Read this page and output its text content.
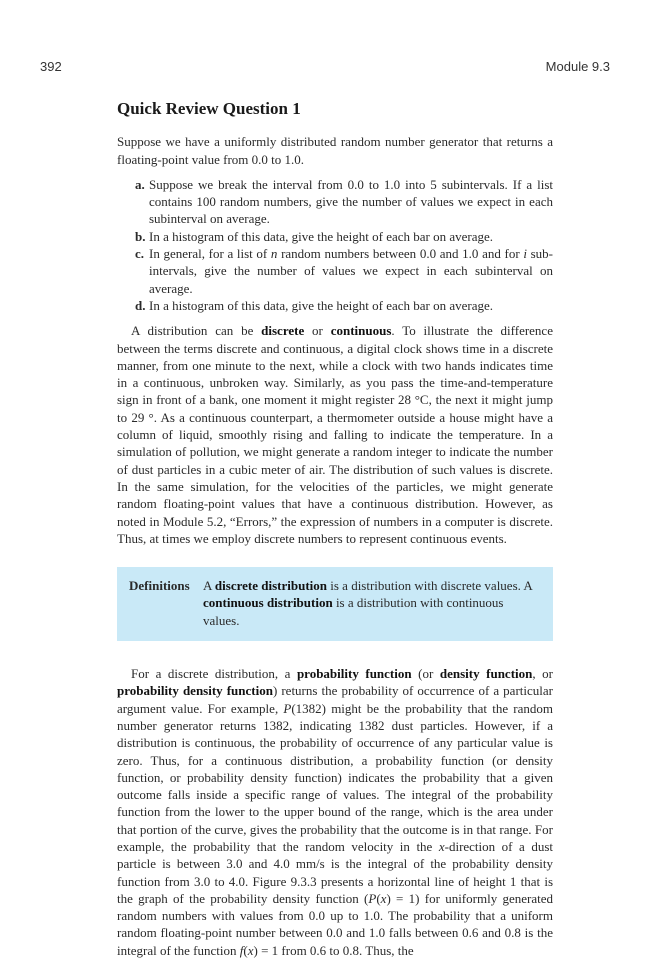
392	Module 9.3
Quick Review Question 1

Suppose we have a uniformly distributed random number generator that returns a floating-point value from 0.0 to 1.0.

a. Suppose we break the interval from 0.0 to 1.0 into 5 subintervals. If a list contains 100 random numbers, give the number of values we expect in each subinterval on average.
b. In a histogram of this data, give the height of each bar on average.
c. In general, for a list of n random numbers between 0.0 and 1.0 and for i subintervals, give the number of values we expect in each subinterval on average.
d. In a histogram of this data, give the height of each bar on average.

A distribution can be discrete or continuous. To illustrate the difference between the terms discrete and continuous, a digital clock shows time in a discrete manner, from one minute to the next, while a clock with two hands indicates time in a continuous, unbroken way. Similarly, as you pass the time-and-temperature sign in front of a bank, one moment it might register 28 °C, the next it might jump to 29 °. As a continuous counterpart, a thermometer outside a house might have a column of liquid, smoothly rising and falling to indicate the temperature. In a simulation of pollution, we might generate a random integer to indicate the number of dust particles in a cubic meter of air. The distribution of such values is discrete. In the same simulation, for the velocities of the particles, we might generate random floating-point values that have a continuous distribution. However, as noted in Module 5.2, “Errors,” the expression of numbers in a computer is discrete. Thus, at times we employ discrete numbers to represent continuous events.

Definitions	A discrete distribution is a distribution with discrete values. A continuous distribution is a distribution with continuous values.

For a discrete distribution, a probability function (or density function, or probability density function) returns the probability of occurrence of a particular argument value. For example, P(1382) might be the probability that the random number generator returns 1382, indicating 1382 dust particles. However, if a distribution is continuous, the probability of occurrence of any particular value is zero. Thus, for a continuous distribution, a probability function (or density function, or probability density function) indicates the probability that a given outcome falls inside a specific range of values. The integral of the probability function from the lower to the upper bound of the range, which is the area under that portion of the curve, gives the probability that the outcome is in that range. For example, the probability that the random velocity in the x-direction of a dust particle is between 3.0 and 4.0 mm/s is the integral of the probability density function from 3.0 to 4.0. Figure 9.3.3 presents a horizontal line of height 1 that is the graph of the probability density function (P(x) = 1) for uniformly generated random numbers with values from 0.0 up to 1.0. The probability that a uniform random floating-point number between 0.0 and 1.0 falls between 0.6 and 0.8 is the integral of the function f(x) = 1 from 0.6 to 0.8. Thus, the
